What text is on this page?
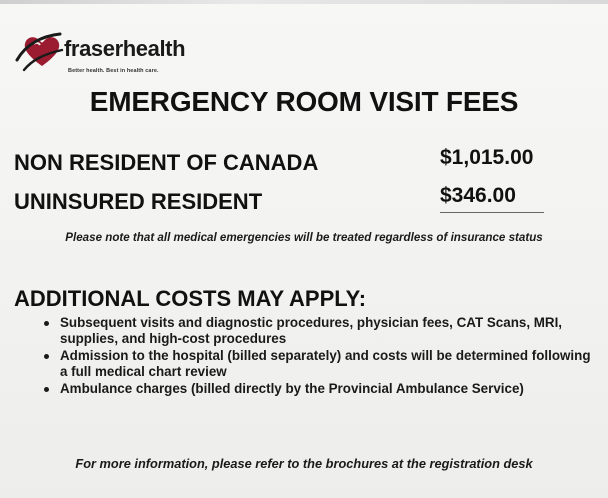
fraserhealth
Better health. Best in health care.
EMERGENCY ROOM VISIT FEES
NON RESIDENT OF CANADA	$1,015.00
UNINSURED RESIDENT	$346.00
Please note that all medical emergencies will be treated regardless of insurance status
ADDITIONAL COSTS MAY APPLY:
Subsequent visits and diagnostic procedures, physician fees, CAT Scans, MRI, supplies, and high-cost procedures
Admission to the hospital (billed separately) and costs will be determined following a full medical chart review
Ambulance charges (billed directly by the Provincial Ambulance Service)
For more information, please refer to the brochures at the registration desk
